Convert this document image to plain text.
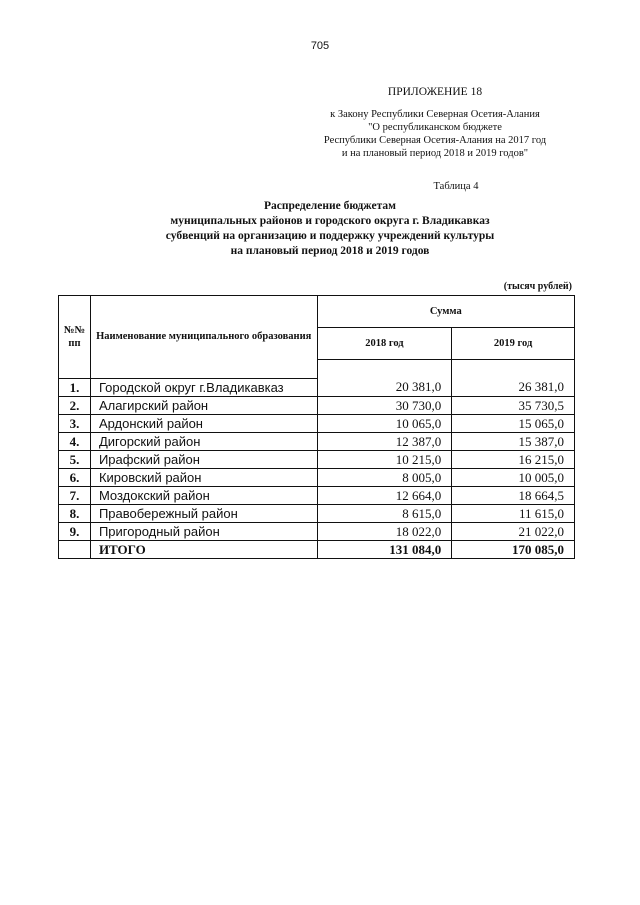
705
ПРИЛОЖЕНИЕ 18
к Закону Республики Северная Осетия-Алания
"О республиканском бюджете
Республики Северная Осетия-Алания на 2017 год
и на плановый период 2018 и 2019 годов"
Таблица 4
Распределение бюджетам
муниципальных районов и городского округа г. Владикавказ
субвенций на организацию и поддержку учреждений культуры
на плановый период 2018 и 2019 годов
(тысяч рублей)
№№ пп	Наименование муниципального образования	Сумма	
		2018 год	2019 год

1.	Городской округ г.Владикавказ	20 381,0	26 381,0
2.	Алагирский район	30 730,0	35 730,5
3.	Ардонский район	10 065,0	15 065,0
4.	Дигорский район	12 387,0	15 387,0
5.	Ирафский район	10 215,0	16 215,0
6.	Кировский район	8 005,0	10 005,0
7.	Моздокский район	12 664,0	18 664,5
8.	Правобережный район	8 615,0	11 615,0
9.	Пригородный район	18 022,0	21 022,0
	ИТОГО	131 084,0	170 085,0
